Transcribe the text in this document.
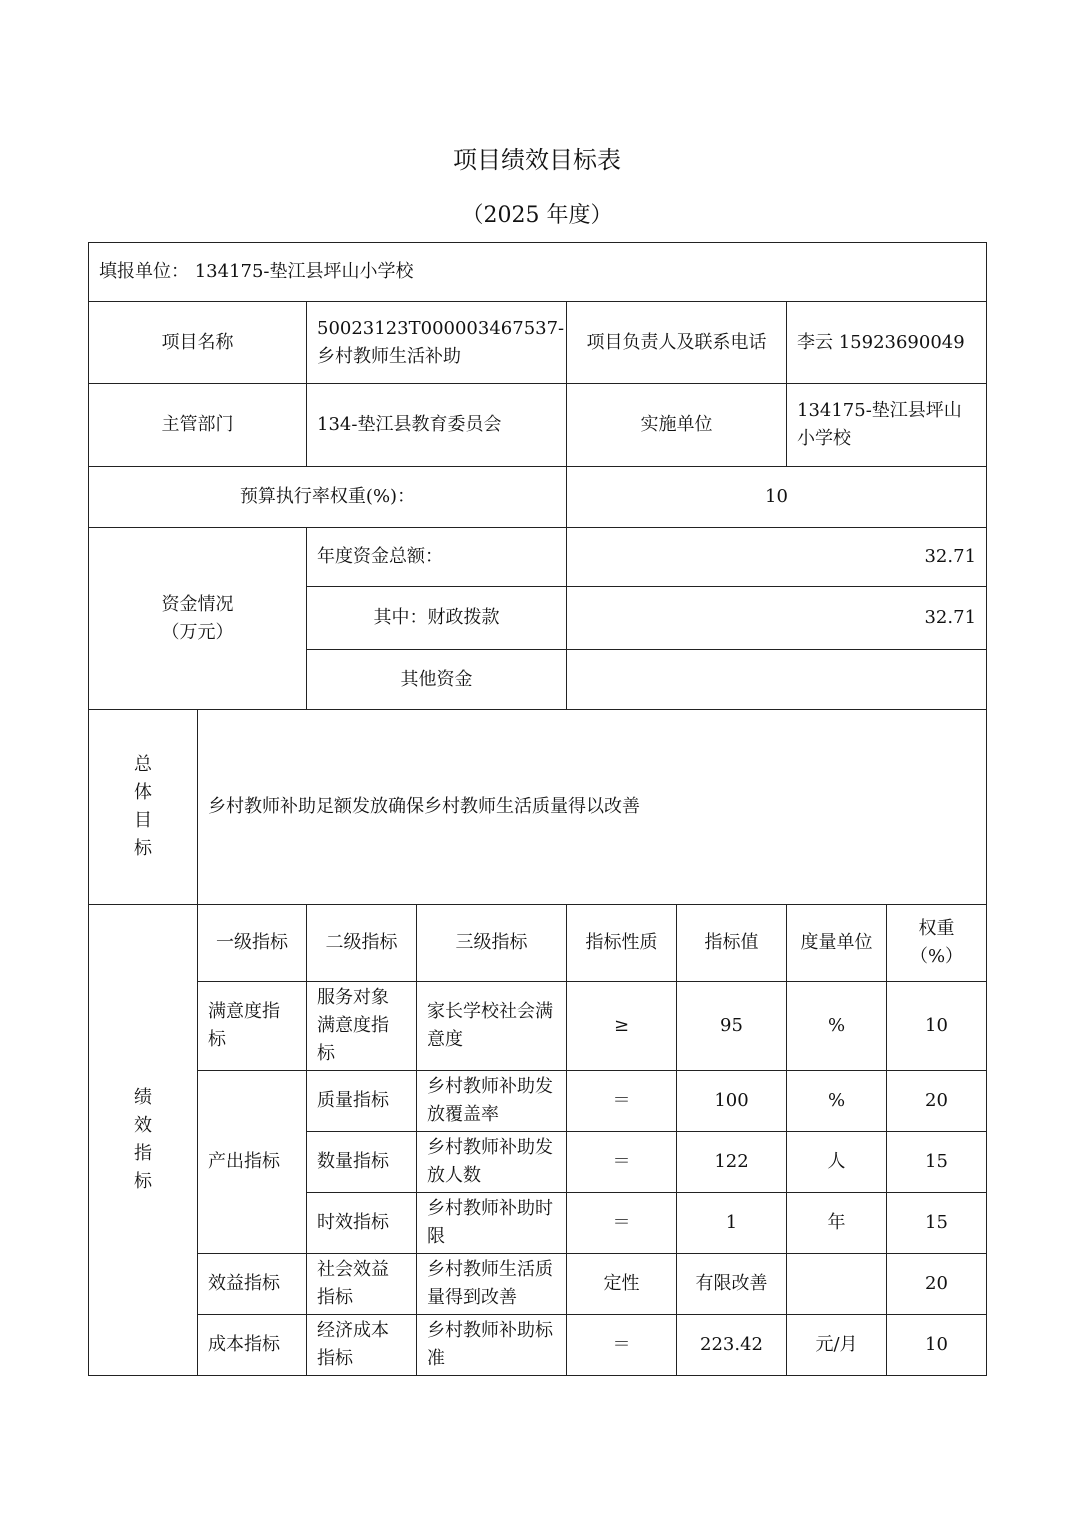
项目绩效目标表
（2025 年度）
填报单位： 134175-垫江县坪山小学校							
项目名称		50023123T000003467537-乡村教师生活补助		项目负责人及联系电话		李云 15923690049	
主管部门		134-垫江县教育委员会		实施单位		134175-垫江县坪山小学校	
预算执行率权重(%)：				10			

资金情况
（万元）		年度资金总额：		32.71			
		其中：财政拨款		32.71			
		其他资金					

总
体
目
标	乡村教师补助足额发放确保乡村教师生活质量得以改善						

绩
效
指
标	一级指标	二级指标	三级指标	指标性质	指标值	度量单位	权重（%）
	满意度指标	服务对象满意度指标	家长学校社会满意度	≥	95	%	10
	产出指标	质量指标	乡村教师补助发放覆盖率	＝	100	%	20
		数量指标	乡村教师补助发放人数	＝	122	人	15
		时效指标	乡村教师补助时限	＝	1	年	15
	效益指标	社会效益指标	乡村教师生活质量得到改善	定性	有限改善		20
	成本指标	经济成本指标	乡村教师补助标准	＝	223.42	元/月	10
